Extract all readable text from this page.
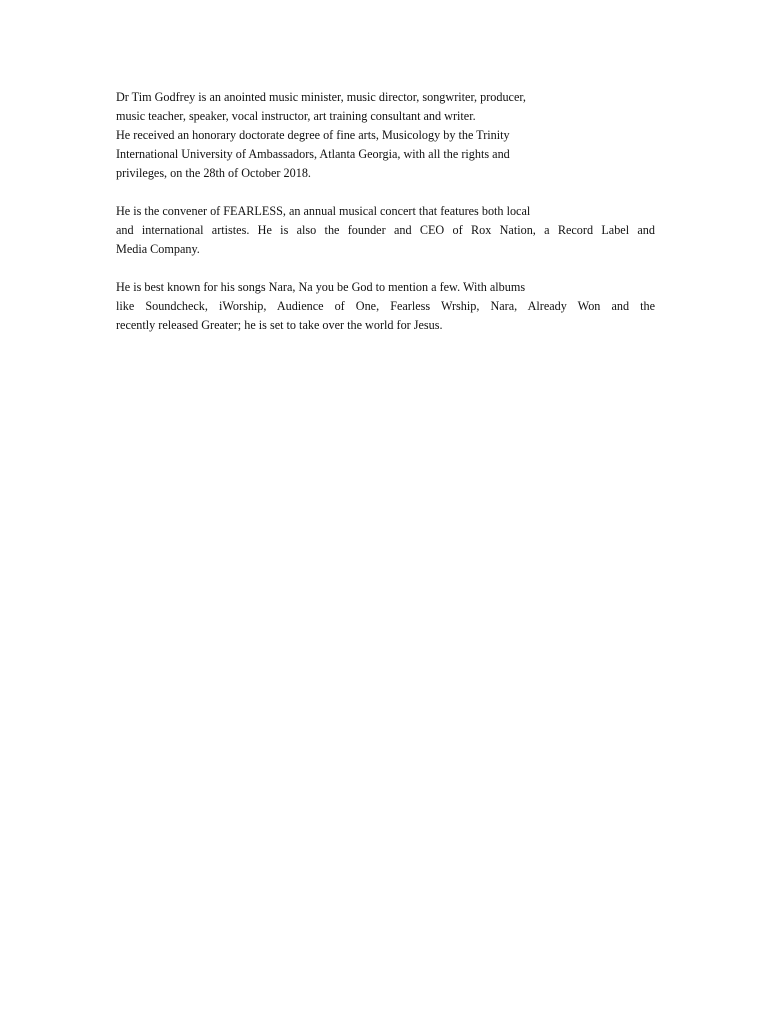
Dr Tim Godfrey is an anointed music minister, music director, songwriter, producer,
music teacher, speaker, vocal instructor, art training consultant and writer.
He received an honorary doctorate degree of fine arts, Musicology by the Trinity
International University of Ambassadors, Atlanta Georgia, with all the rights and
privileges, on the 28th of October 2018.

He is the convener of FEARLESS, an annual musical concert that features both local
and international artistes. He is also the founder and CEO of Rox Nation, a Record Label and
Media Company.

He is best known for his songs Nara, Na you be God to mention a few. With albums
like Soundcheck, iWorship, Audience of One, Fearless Wrship, Nara, Already Won and the
recently released Greater; he is set to take over the world for Jesus.
